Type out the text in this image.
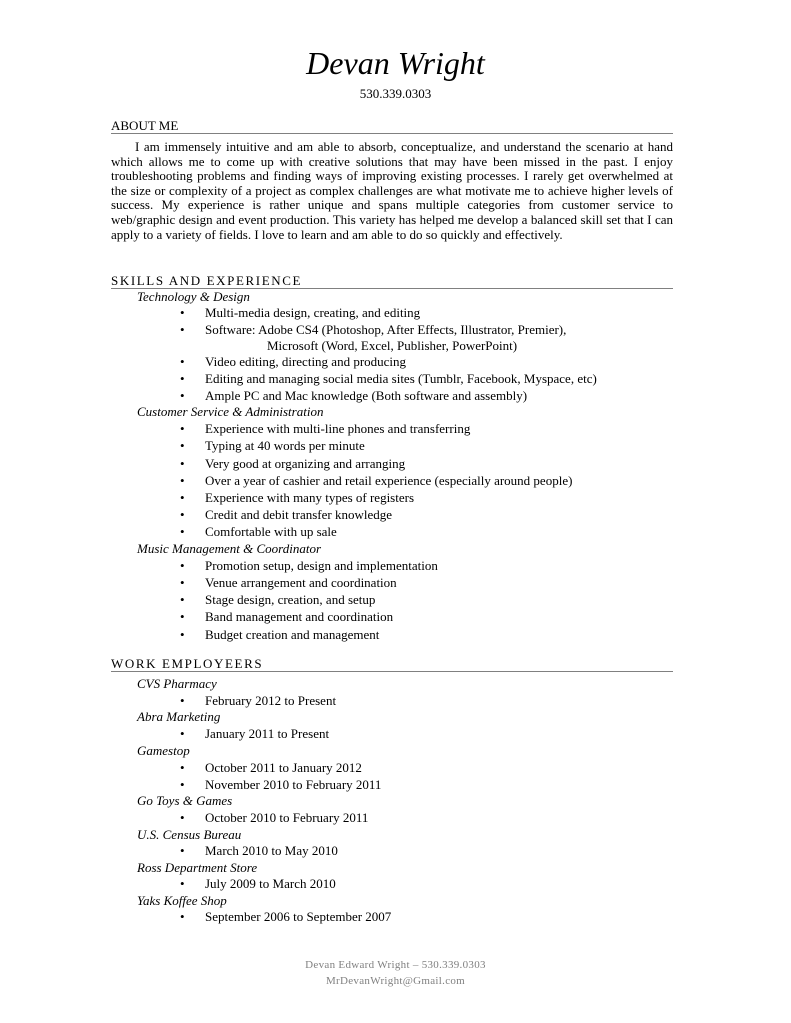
Devan Wright
530.339.0303
ABOUT ME
I am immensely intuitive and am able to absorb, conceptualize, and understand the scenario at hand which allows me to come up with creative solutions that may have been missed in the past. I enjoy troubleshooting problems and finding ways of improving existing processes. I rarely get overwhelmed at the size or complexity of a project as complex challenges are what motivate me to achieve higher levels of success. My experience is rather unique and spans multiple categories from customer service to web/graphic design and event production. This variety has helped me develop a balanced skill set that I can apply to a variety of fields. I love to learn and am able to do so quickly and effectively.
SKILLS AND EXPERIENCE
Technology & Design
•	Multi-media design, creating, and editing
•	Software: Adobe CS4 (Photoshop, After Effects, Illustrator, Premier),
Microsoft (Word, Excel, Publisher, PowerPoint)
•	Video editing, directing and producing
•	Editing and managing social media sites (Tumblr, Facebook, Myspace, etc)
•	Ample PC and Mac knowledge (Both software and assembly)
Customer Service & Administration
•	Experience with multi-line phones and transferring
•	Typing at 40 words per minute
•	Very good at organizing and arranging
•	Over a year of cashier and retail experience (especially around people)
•	Experience with many types of registers
•	Credit and debit transfer knowledge
•	Comfortable with up sale
Music Management & Coordinator
•	Promotion setup, design and implementation
•	Venue arrangement and coordination
•	Stage design, creation, and setup
•	Band management and coordination
•	Budget creation and management
WORK EMPLOYEERS
CVS Pharmacy
•	February 2012 to Present
Abra Marketing
•	January 2011 to Present
Gamestop
•	October 2011 to January 2012
•	November 2010 to February 2011
Go Toys & Games
•	October 2010 to February 2011
U.S. Census Bureau
•	March 2010 to May 2010
Ross Department Store
•	July 2009 to March 2010
Yaks Koffee Shop
•	September 2006 to September 2007
Devan Edward Wright – 530.339.0303
MrDevanWright@Gmail.com
